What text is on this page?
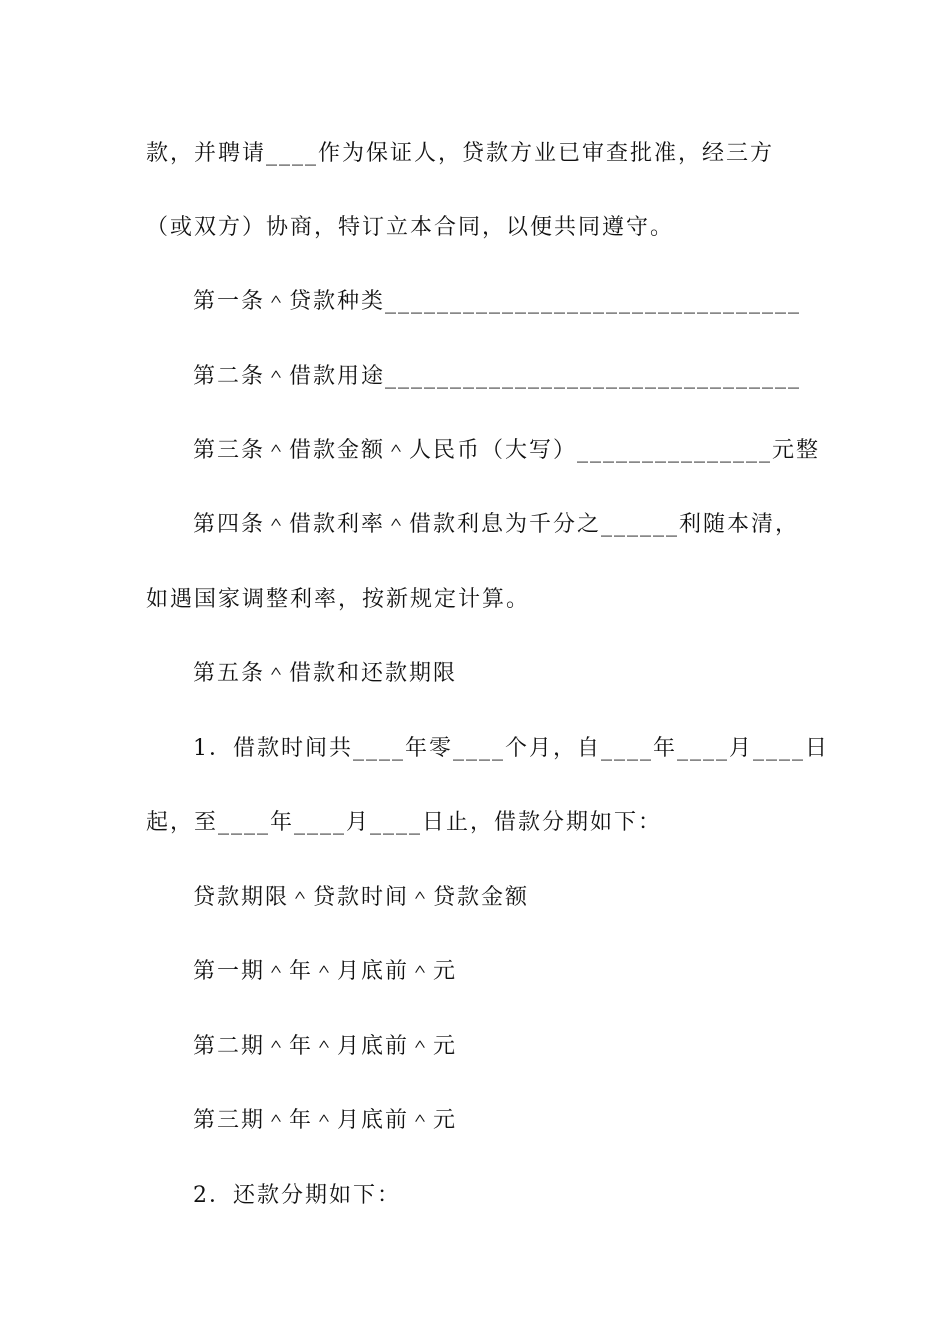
款，并聘请____作为保证人，贷款方业已审查批准，经三方
（或双方）协商，特订立本合同，以便共同遵守。
第一条＾贷款种类________________________________
第二条＾借款用途________________________________
第三条＾借款金额＾人民币（大写）_______________元整
第四条＾借款利率＾借款利息为千分之______利随本清，
如遇国家调整利率，按新规定计算。
第五条＾借款和还款期限
1．借款时间共____年零____个月，自____年____月____日
起，至____年____月____日止，借款分期如下：
贷款期限＾贷款时间＾贷款金额
第一期＾年＾月底前＾元
第二期＾年＾月底前＾元
第三期＾年＾月底前＾元
2．还款分期如下：
